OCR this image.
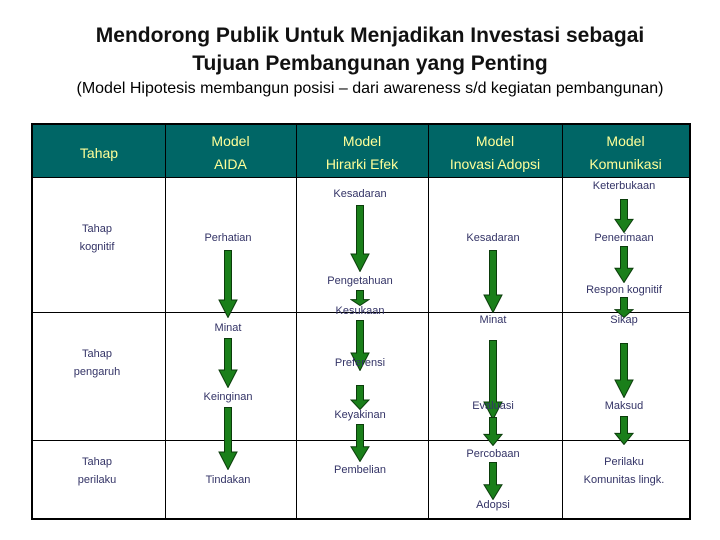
Mendorong Publik Untuk Menjadikan Investasi sebagai
Tujuan Pembangunan yang Penting
(Model Hipotesis membangun posisi – dari awareness s/d kegiatan pembangunan)
Tahap
Model
AIDA
Model
Hirarki Efek
Model
Inovasi Adopsi
Model
Komunikasi
Tahap
kognitif
Tahap
pengaruh
Tahap
perilaku
Perhatian
Minat
Keinginan
Tindakan
Kesadaran
Pengetahuan
Kesukaan
Preferensi
Keyakinan
Pembelian
Kesadaran
Minat
Evaluasi
Percobaan
Adopsi
Keterbukaan
Penerimaan
Respon kognitif
Sikap
Maksud
Perilaku
Komunitas lingk.
